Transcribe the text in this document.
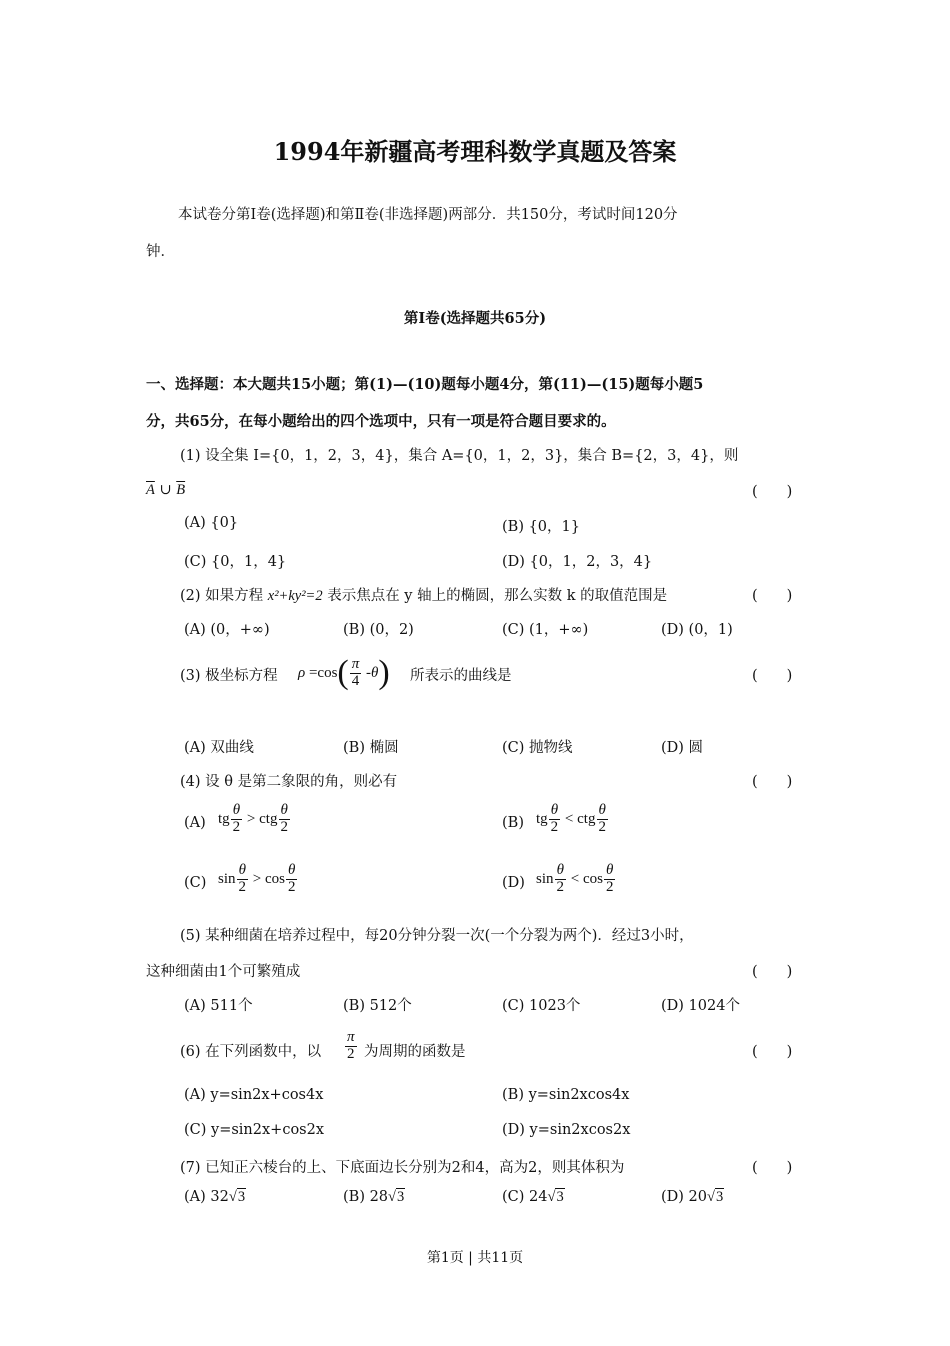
1994年新疆高考理科数学真题及答案
本试卷分第Ⅰ卷(选择题)和第Ⅱ卷(非选择题)两部分．共150分，考试时间120分
钟．
第Ⅰ卷(选择题共65分)
一、选择题：本大题共15小题；第(1)—(10)题每小题4分，第(11)—(15)题每小题5
分，共65分，在每小题给出的四个选项中，只有一项是符合题目要求的。
(1) 设全集 I={0，1，2，3，4}，集合 A={0，1，2，3}，集合 B={2，3，4}，则
$\overline{A}$ ∪ $\overline{B}$	(　　)
(A) {0}	(B) {0，1}
(C) {0，1，4}	(D) {0，1，2，3，4}
(2) 如果方程 x²+ky²=2 表示焦点在 y 轴上的椭圆，那么实数 k 的取值范围是	(　　)
(A) (0，+∞)	(B) (0，2)	(C) (1，+∞)	(D) (0，1)
(3) 极坐标方程 ρ =cos ( $\frac{\pi}{4}$ - θ ) 所表示的曲线是	(　　)
(A) 双曲线	(B) 椭圆	(C) 抛物线	(D) 圆
(4) 设 θ 是第二象限的角，则必有	(　　)
(A) tg $\frac{\theta}{2}$ > ctg $\frac{\theta}{2}$	(B) tg $\frac{\theta}{2}$ < ctg $\frac{\theta}{2}$
(C) $\sin \frac{\theta}{2} > \cos \frac{\theta}{2}$	(D) $\sin \frac{\theta}{2} < \cos \frac{\theta}{2}$
(5) 某种细菌在培养过程中，每20分钟分裂一次(一个分裂为两个)．经过3小时，
这种细菌由1个可繁殖成	(　　)
(A) 511个	(B) 512个	(C) 1023个	(D) 1024个
(6) 在下列函数中，以 $\frac{\pi}{2}$ 为周期的函数是	(　　)
(A) y=sin2x+cos4x	(B) y=sin2xcos4x
(C) y=sin2x+cos2x	(D) y=sin2xcos2x
(7) 已知正六棱台的上、下底面边长分别为2和4，高为2，则其体积为	(　　)
(A) 32√3	(B) 28√3	(C) 24√3	(D) 20√3
第1页 | 共11页
